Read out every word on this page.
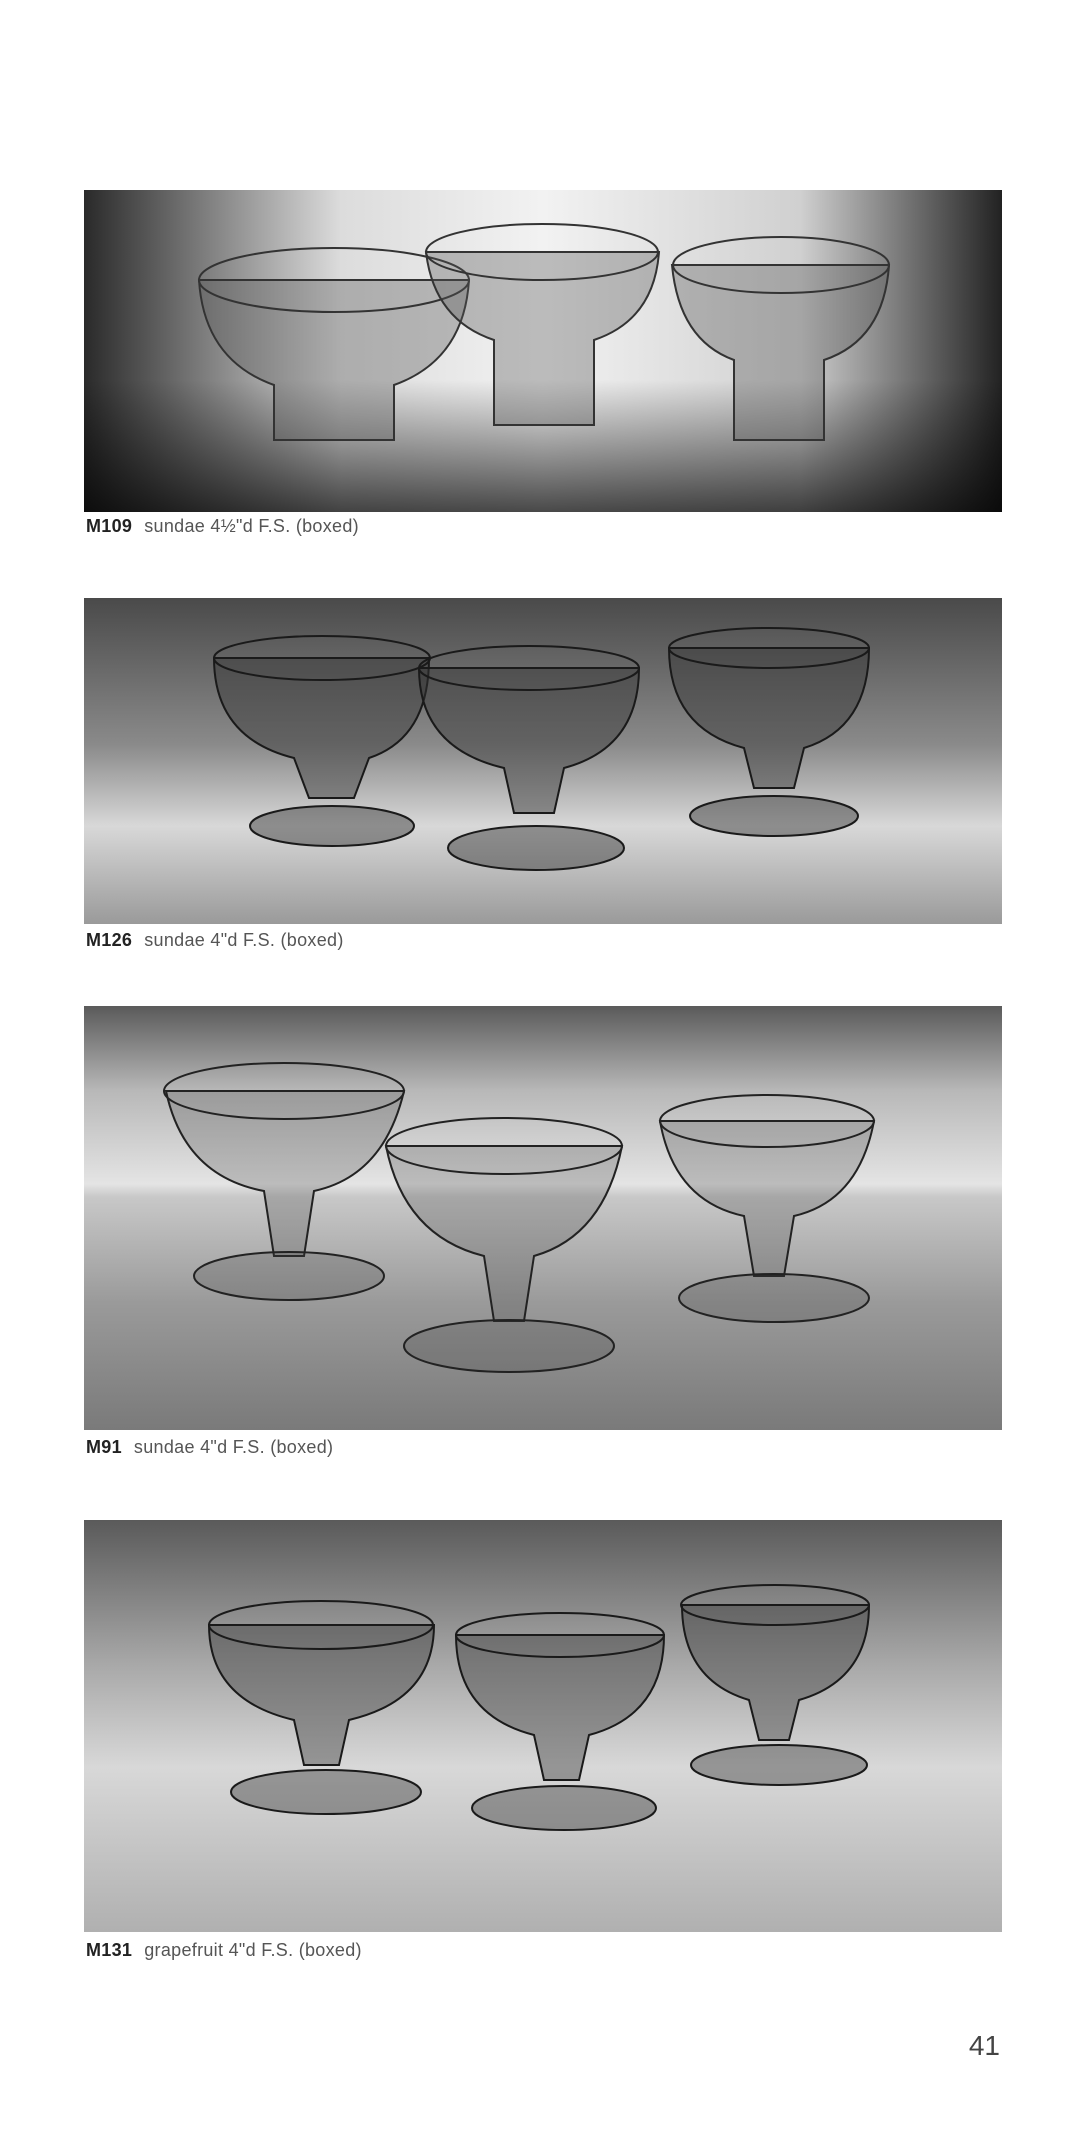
M109 sundae 4½"d F.S. (boxed)
M126 sundae 4"d F.S. (boxed)
M91 sundae 4"d F.S. (boxed)
M131 grapefruit 4"d F.S. (boxed)
41
